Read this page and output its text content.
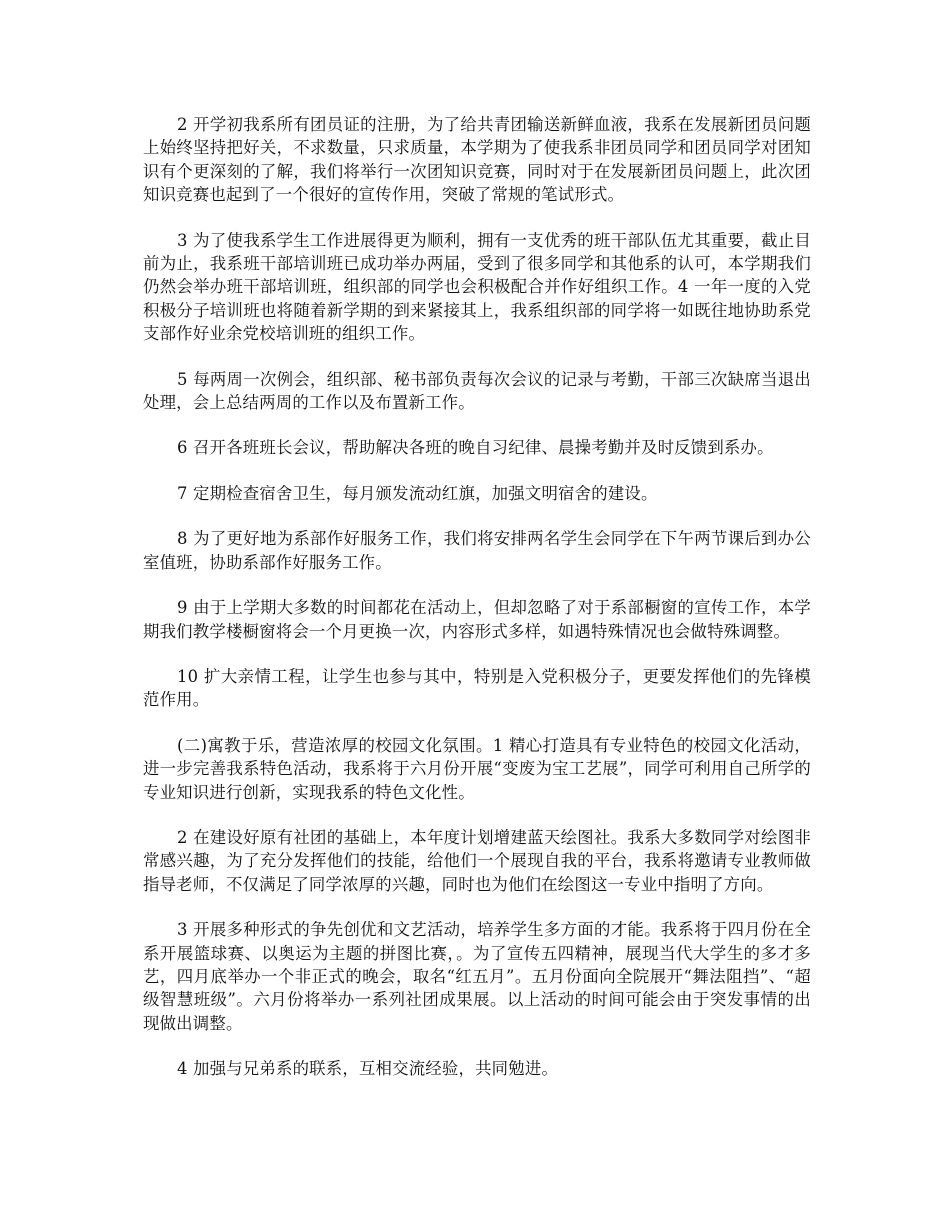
2 开学初我系所有团员证的注册，为了给共青团输送新鲜血液，我系在发展新团员问题上始终坚持把好关，不求数量，只求质量，本学期为了使我系非团员同学和团员同学对团知识有个更深刻的了解，我们将举行一次团知识竞赛，同时对于在发展新团员问题上，此次团知识竞赛也起到了一个很好的宣传作用，突破了常规的笔试形式。

3 为了使我系学生工作进展得更为顺利，拥有一支优秀的班干部队伍尤其重要，截止目前为止，我系班干部培训班已成功举办两届，受到了很多同学和其他系的认可，本学期我们仍然会举办班干部培训班，组织部的同学也会积极配合并作好组织工作。4 一年一度的入党积极分子培训班也将随着新学期的到来紧接其上，我系组织部的同学将一如既往地协助系党支部作好业余党校培训班的组织工作。

5 每两周一次例会，组织部、秘书部负责每次会议的记录与考勤，干部三次缺席当退出处理，会上总结两周的工作以及布置新工作。

6 召开各班班长会议，帮助解决各班的晚自习纪律、晨操考勤并及时反馈到系办。

7 定期检查宿舍卫生，每月颁发流动红旗，加强文明宿舍的建设。

8 为了更好地为系部作好服务工作，我们将安排两名学生会同学在下午两节课后到办公室值班，协助系部作好服务工作。

9 由于上学期大多数的时间都花在活动上，但却忽略了对于系部橱窗的宣传工作，本学期我们教学楼橱窗将会一个月更换一次，内容形式多样，如遇特殊情况也会做特殊调整。

10 扩大亲情工程，让学生也参与其中，特别是入党积极分子，更要发挥他们的先锋模范作用。

(二)寓教于乐，营造浓厚的校园文化氛围。1 精心打造具有专业特色的校园文化活动，进一步完善我系特色活动，我系将于六月份开展“变废为宝工艺展”，同学可利用自己所学的专业知识进行创新，实现我系的特色文化性。

2 在建设好原有社团的基础上，本年度计划增建蓝天绘图社。我系大多数同学对绘图非常感兴趣，为了充分发挥他们的技能，给他们一个展现自我的平台，我系将邀请专业教师做指导老师，不仅满足了同学浓厚的兴趣，同时也为他们在绘图这一专业中指明了方向。

3 开展多种形式的争先创优和文艺活动，培养学生多方面的才能。我系将于四月份在全系开展篮球赛、以奥运为主题的拼图比赛，。为了宣传五四精神，展现当代大学生的多才多艺，四月底举办一个非正式的晚会，取名“红五月”。五月份面向全院展开“舞法阻挡”、“超级智慧班级”。六月份将举办一系列社团成果展。以上活动的时间可能会由于突发事情的出现做出调整。

4 加强与兄弟系的联系，互相交流经验，共同勉进。
